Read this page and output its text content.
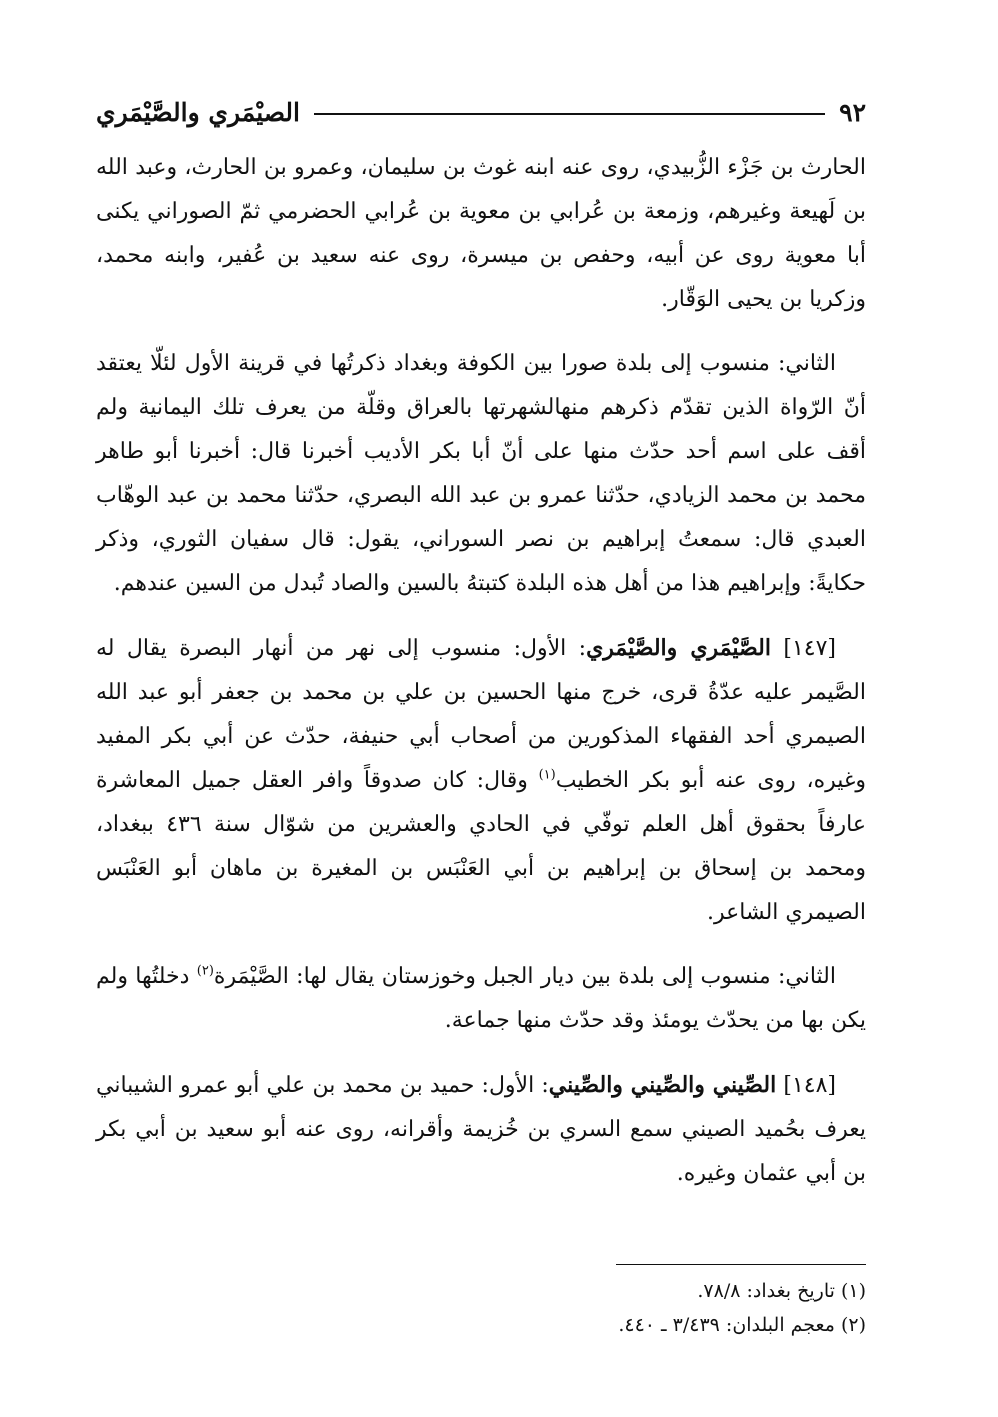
٩٢
الصيْمَري والصَّيْمَري

الحارث بن جَزْء الزُّبيدي، روى عنه ابنه غوث بن سليمان، وعمرو بن الحارث، وعبد الله بن لَهيعة وغيرهم، وزمعة بن عُرابي بن معوية بن عُرابي الحضرمي ثمّ الصوراني يكنى أبا معوية روى عن أبيه، وحفص بن ميسرة، روى عنه سعيد بن عُفير، وابنه محمد، وزكريا بن يحيى الوَقّار.

الثاني: منسوب إلى بلدة صورا بين الكوفة وبغداد ذكرتُها في قرينة الأول لئلّا يعتقد أنّ الرّواة الذين تقدّم ذكرهم منهالشهرتها بالعراق وقلّة من يعرف تلك اليمانية ولم أقف على اسم أحد حدّث منها على أنّ أبا بكر الأديب أخبرنا قال: أخبرنا أبو طاهر محمد بن محمد الزيادي، حدّثنا عمرو بن عبد الله البصري، حدّثنا محمد بن عبد الوهّاب العبدي قال: سمعتُ إبراهيم بن نصر السوراني، يقول: قال سفيان الثوري، وذكر حكايةً: وإبراهيم هذا من أهل هذه البلدة كتبتهُ بالسين والصاد تُبدل من السين عندهم.

[١٤٧] الصَّيْمَري والصَّيْمَري: الأول: منسوب إلى نهر من أنهار البصرة يقال له الصَّيمر عليه عدّةُ قرى، خرج منها الحسين بن علي بن محمد بن جعفر أبو عبد الله الصيمري أحد الفقهاء المذكورين من أصحاب أبي حنيفة، حدّث عن أبي بكر المفيد وغيره، روى عنه أبو بكر الخطيب$^{(١)}$ وقال: كان صدوقاً وافر العقل جميل المعاشرة عارفاً بحقوق أهل العلم توفّي في الحادي والعشرين من شوّال سنة ٤٣٦ ببغداد، ومحمد بن إسحاق بن إبراهيم بن أبي العَنْبَس بن المغيرة بن ماهان أبو العَنْبَس الصيمري الشاعر.

الثاني: منسوب إلى بلدة بين ديار الجبل وخوزستان يقال لها: الصَّيْمَرة$^{(٢)}$ دخلتُها ولم يكن بها من يحدّث يومئذ وقد حدّث منها جماعة.

[١٤٨] الصِّيني والصِّيني والصِّيني: الأول: حميد بن محمد بن علي أبو عمرو الشيباني يعرف بحُميد الصيني سمع السري بن خُزيمة وأقرانه، روى عنه أبو سعيد بن أبي بكر بن أبي عثمان وغيره.

(١) تاريخ بغداد: ٧٨/٨.

(٢) معجم البلدان: ٣/٤٣٩ ـ ٤٤٠.
